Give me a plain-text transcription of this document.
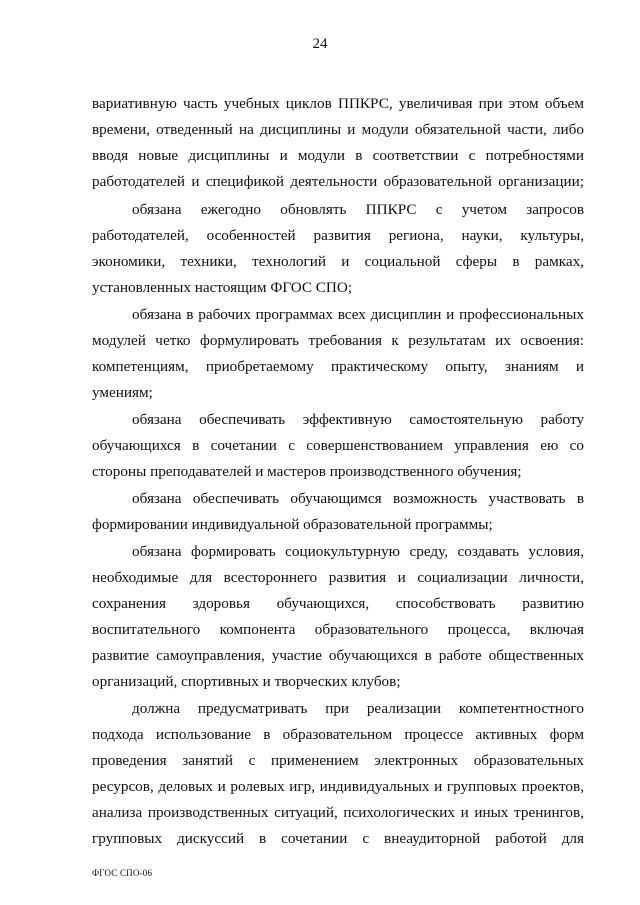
24
вариативную часть учебных циклов ППКРС, увеличивая при этом объем
времени, отведенный на дисциплины и модули обязательной части, либо
вводя новые дисциплины и модули в соответствии с потребностями
работодателей и спецификой деятельности образовательной организации;
обязана ежегодно обновлять ППКРС с учетом запросов
работодателей, особенностей развития региона, науки, культуры,
экономики, техники, технологий и социальной сферы в рамках,
установленных настоящим ФГОС СПО;
обязана в рабочих программах всех дисциплин и профессиональных
модулей четко формулировать требования к результатам их освоения:
компетенциям, приобретаемому практическому опыту, знаниям и
умениям;
обязана обеспечивать эффективную самостоятельную работу
обучающихся в сочетании с совершенствованием управления ею со
стороны преподавателей и мастеров производственного обучения;
обязана обеспечивать обучающимся возможность участвовать в
формировании индивидуальной образовательной программы;
обязана формировать социокультурную среду, создавать условия,
необходимые для всестороннего развития и социализации личности,
сохранения здоровья обучающихся, способствовать развитию
воспитательного компонента образовательного процесса, включая
развитие самоуправления, участие обучающихся в работе общественных
организаций, спортивных и творческих клубов;
должна предусматривать при реализации компетентностного
подхода использование в образовательном процессе активных форм
проведения занятий с применением электронных образовательных
ресурсов, деловых и ролевых игр, индивидуальных и групповых проектов,
анализа производственных ситуаций, психологических и иных тренингов,
групповых дискуссий в сочетании с внеаудиторной работой для
ФГОС СПО-06
